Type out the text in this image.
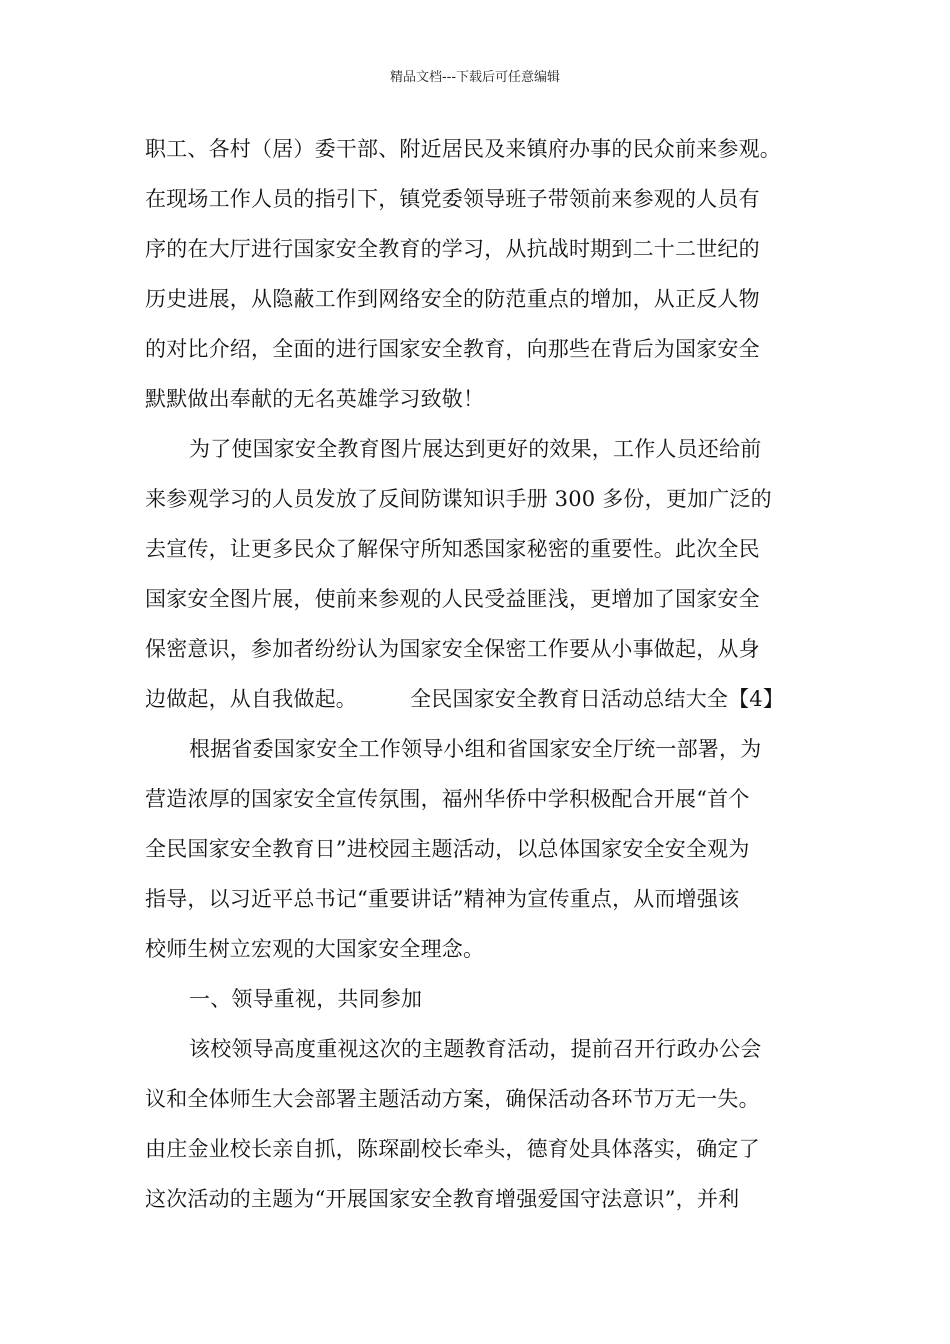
精品文档---下载后可任意编辑
职工、各村（居）委干部、附近居民及来镇府办事的民众前来参观。
在现场工作人员的指引下，镇党委领导班子带领前来参观的人员有
序的在大厅进行国家安全教育的学习，从抗战时期到二十二世纪的
历史进展，从隐蔽工作到网络安全的防范重点的增加，从正反人物
的对比介绍，全面的进行国家安全教育，向那些在背后为国家安全
默默做出奉献的无名英雄学习致敬！
为了使国家安全教育图片展达到更好的效果，工作人员还给前
来参观学习的人员发放了反间防谍知识手册 300 多份，更加广泛的
去宣传，让更多民众了解保守所知悉国家秘密的重要性。此次全民
国家安全图片展，使前来参观的人民受益匪浅，更增加了国家安全
保密意识，参加者纷纷认为国家安全保密工作要从小事做起，从身
边做起，从自我做起。　　　全民国家安全教育日活动总结大全【4】
根据省委国家安全工作领导小组和省国家安全厅统一部署，为
营造浓厚的国家安全宣传氛围，福州华侨中学积极配合开展“首个
全民国家安全教育日”进校园主题活动，以总体国家安全安全观为
指导，以习近平总书记“重要讲话”精神为宣传重点，从而增强该
校师生树立宏观的大国家安全理念。
一、领导重视，共同参加
该校领导高度重视这次的主题教育活动，提前召开行政办公会
议和全体师生大会部署主题活动方案，确保活动各环节万无一失。
由庄金业校长亲自抓，陈琛副校长牵头，德育处具体落实，确定了
这次活动的主题为“开展国家安全教育增强爱国守法意识”，并利
